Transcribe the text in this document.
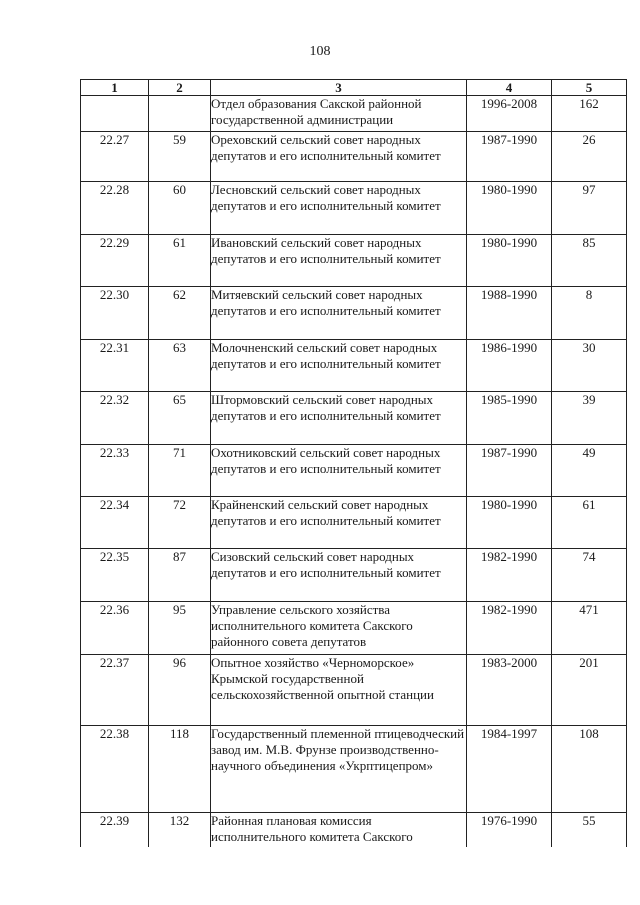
108
1	2	3	4	5
		Отдел образования Сакской районной государственной администрации	1996-2008	162
22.27	59	Ореховский сельский совет народных депутатов и его исполнительный комитет	1987-1990	26
22.28	60	Лесновский сельский совет народных депутатов и его исполнительный комитет	1980-1990	97
22.29	61	Ивановский сельский совет народных депутатов и его исполнительный комитет	1980-1990	85
22.30	62	Митяевский сельский совет народных депутатов и его исполнительный комитет	1988-1990	8
22.31	63	Молочненский сельский совет народных депутатов и его исполнительный комитет	1986-1990	30
22.32	65	Штормовский сельский совет народных депутатов и его исполнительный комитет	1985-1990	39
22.33	71	Охотниковский сельский совет народных депутатов и его исполнительный комитет	1987-1990	49
22.34	72	Крайненский сельский совет народных депутатов и его исполнительный комитет	1980-1990	61
22.35	87	Сизовский сельский совет народных депутатов и его исполнительный комитет	1982-1990	74
22.36	95	Управление сельского хозяйства исполнительного комитета Сакского районного совета депутатов	1982-1990	471
22.37	96	Опытное хозяйство «Черноморское» Крымской государственной сельскохозяйственной опытной станции	1983-2000	201
22.38	118	Государственный племенной птицеводческий завод им. М.В. Фрунзе производственно-научного объединения «Укрптицепром»	1984-1997	108
22.39	132	Районная плановая комиссия исполнительного комитета Сакского	1976-1990	55
